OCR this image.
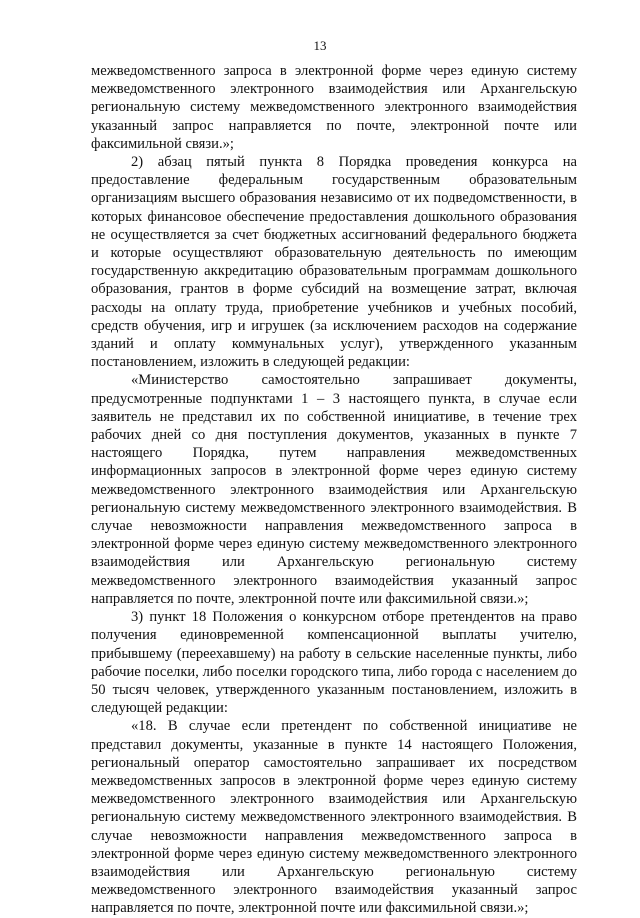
13

межведомственного запроса в электронной форме через единую систему межведомственного электронного взаимодействия или Архангельскую региональную систему межведомственного электронного взаимодействия указанный запрос направляется по почте, электронной почте или факсимильной связи.»;

2) абзац пятый пункта 8 Порядка проведения конкурса на предоставление федеральным государственным образовательным организациям высшего образования независимо от их подведомственности, в которых финансовое обеспечение предоставления дошкольного образования не осуществляется за счет бюджетных ассигнований федерального бюджета и которые осуществляют образовательную деятельность по имеющим государственную аккредитацию образовательным программам дошкольного образования, грантов в форме субсидий на возмещение затрат, включая расходы на оплату труда, приобретение учебников и учебных пособий, средств обучения, игр и игрушек (за исключением расходов на содержание зданий и оплату коммунальных услуг), утвержденного указанным постановлением, изложить в следующей редакции:

«Министерство самостоятельно запрашивает документы, предусмотренные подпунктами 1 – 3 настоящего пункта, в случае если заявитель не представил их по собственной инициативе, в течение трех рабочих дней со дня поступления документов, указанных в пункте 7 настоящего Порядка, путем направления межведомственных информационных запросов в электронной форме через единую систему межведомственного электронного взаимодействия или Архангельскую региональную систему межведомственного электронного взаимодействия. В случае невозможности направления межведомственного запроса в электронной форме через единую систему межведомственного электронного взаимодействия или Архангельскую региональную систему межведомственного электронного взаимодействия указанный запрос направляется по почте, электронной почте или факсимильной связи.»;

3) пункт 18 Положения о конкурсном отборе претендентов на право получения единовременной компенсационной выплаты учителю, прибывшему (переехавшему) на работу в сельские населенные пункты, либо рабочие поселки, либо поселки городского типа, либо города с населением до 50 тысяч человек, утвержденного указанным постановлением, изложить в следующей редакции:

«18. В случае если претендент по собственной инициативе не представил документы, указанные в пункте 14 настоящего Положения, региональный оператор самостоятельно запрашивает их посредством межведомственных запросов в электронной форме через единую систему межведомственного электронного взаимодействия или Архангельскую региональную систему межведомственного электронного взаимодействия. В случае невозможности направления межведомственного запроса в электронной форме через единую систему межведомственного электронного взаимодействия или Архангельскую региональную систему межведомственного электронного взаимодействия указанный запрос направляется по почте, электронной почте или факсимильной связи.»;
